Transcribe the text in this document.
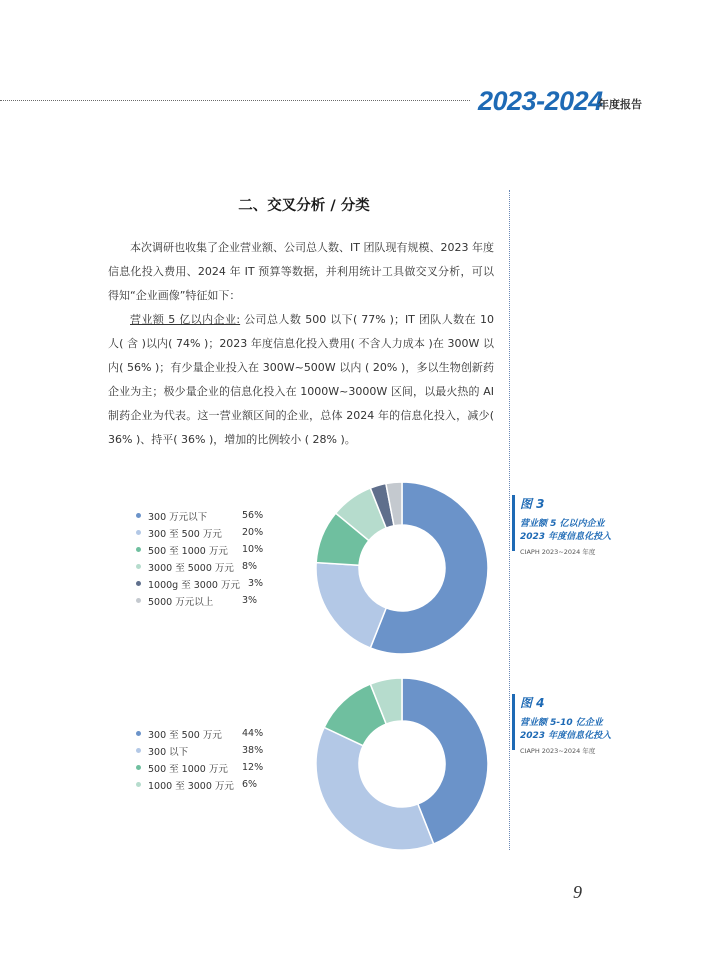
2023-2024
年度报告
二、交叉分析 / 分类

本次调研也收集了企业营业额、公司总人数、IT 团队现有规模、2023 年度信息化投入费用、2024 年 IT 预算等数据，并利用统计工具做交叉分析，可以得知“企业画像”特征如下：

营业额 5 亿以内企业: 公司总人数 500 以下( 77% )；IT 团队人数在 10 人( 含 )以内( 74% )；2023 年度信息化投入费用( 不含人力成本 )在 300W 以内( 56% )；有少量企业投入在 300W~500W 以内 ( 20% )，多以生物创新药企业为主；极少量企业的信息化投入在 1000W~3000W 区间，以最火热的 AI 制药企业为代表。这一营业额区间的企业，总体 2024 年的信息化投入，减少( 36% )、持平( 36% )，增加的比例较小 ( 28% )。

300 万元以下	56%
300 至 500 万元	20%
500 至 1000 万元	10%
3000 至 5000 万元 8%
1000g 至 3000 万元 3%
5000 万元以上	3%
图 3
营业额 5 亿以内企业
2023 年度信息化投入
CIAPH 2023~2024 年度
300 至 500 万元	44%
300 以下	38%
500 至 1000 万元	12%
1000 至 3000 万元 6%
图 4
营业额 5-10 亿企业
2023 年度信息化投入
CIAPH 2023~2024 年度
9
